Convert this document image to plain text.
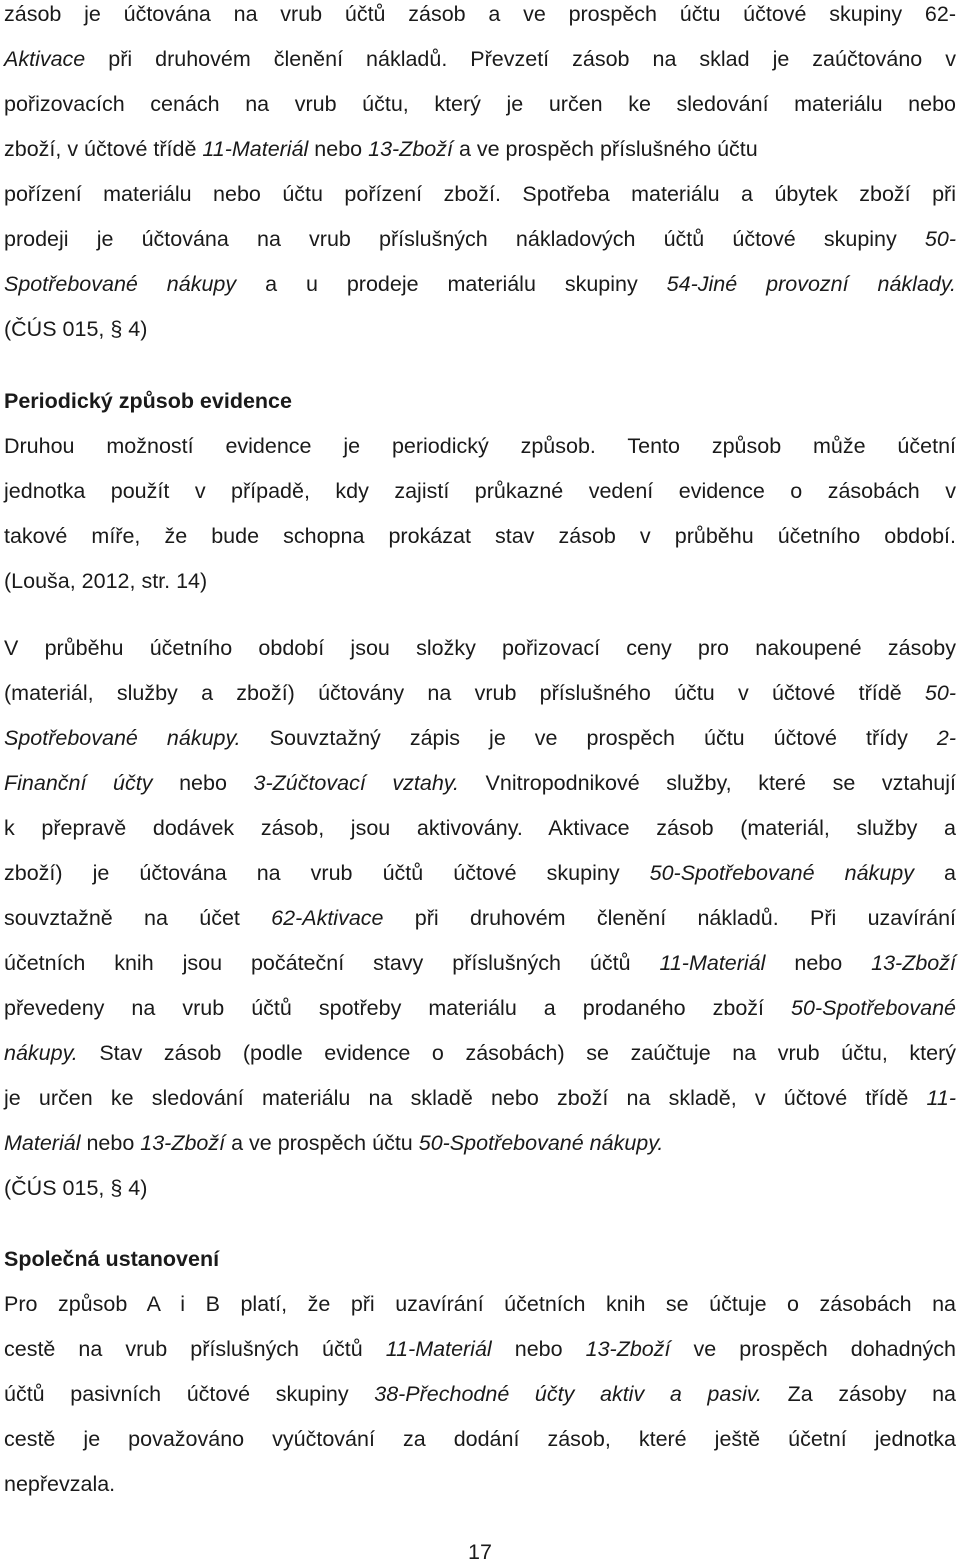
zásob je účtována na vrub účtů zásob a ve prospěch účtu účtové skupiny 62-
Aktivace při druhovém členění nákladů. Převzetí zásob na sklad je zaúčtováno v
pořizovacích cenách na vrub účtu, který je určen ke sledování materiálu nebo
zboží, v účtové třídě 11-Materiál nebo 13-Zboží a ve prospěch příslušného účtu
pořízení materiálu nebo účtu pořízení zboží. Spotřeba materiálu a úbytek zboží při
prodeji je účtována na vrub příslušných nákladových účtů účtové skupiny 50-
Spotřebované nákupy a u prodeje materiálu skupiny 54-Jiné provozní náklady.
(ČÚS 015, § 4)
Periodický způsob evidence
Druhou možností evidence je periodický způsob. Tento způsob může účetní
jednotka použít v případě, kdy zajistí průkazné vedení evidence o zásobách v
takové míře, že bude schopna prokázat stav zásob v průběhu účetního období.
(Louša, 2012, str. 14)
V průběhu účetního období jsou složky pořizovací ceny pro nakoupené zásoby
(materiál, služby a zboží) účtovány na vrub příslušného účtu v účtové třídě 50-
Spotřebované nákupy. Souvztažný zápis je ve prospěch účtu účtové třídy 2-
Finanční účty nebo 3-Zúčtovací vztahy. Vnitropodnikové služby, které se vztahují
k přepravě dodávek zásob, jsou aktivovány. Aktivace zásob (materiál, služby a
zboží) je účtována na vrub účtů účtové skupiny 50-Spotřebované nákupy a
souvztažně na účet 62-Aktivace při druhovém členění nákladů. Při uzavírání
účetních knih jsou počáteční stavy příslušných účtů 11-Materiál nebo 13-Zboží
převedeny na vrub účtů spotřeby materiálu a prodaného zboží 50-Spotřebované
nákupy. Stav zásob (podle evidence o zásobách) se zaúčtuje na vrub účtu, který
je určen ke sledování materiálu na skladě nebo zboží na skladě, v účtové třídě 11-
Materiál nebo 13-Zboží a ve prospěch účtu 50-Spotřebované nákupy.
(ČÚS 015, § 4)
Společná ustanovení
Pro způsob A i B platí, že při uzavírání účetních knih se účtuje o zásobách na
cestě na vrub příslušných účtů 11-Materiál nebo 13-Zboží ve prospěch dohadných
účtů pasivních účtové skupiny 38-Přechodné účty aktiv a pasiv. Za zásoby na
cestě je považováno vyúčtování za dodání zásob, které ještě účetní jednotka
nepřevzala.
17
